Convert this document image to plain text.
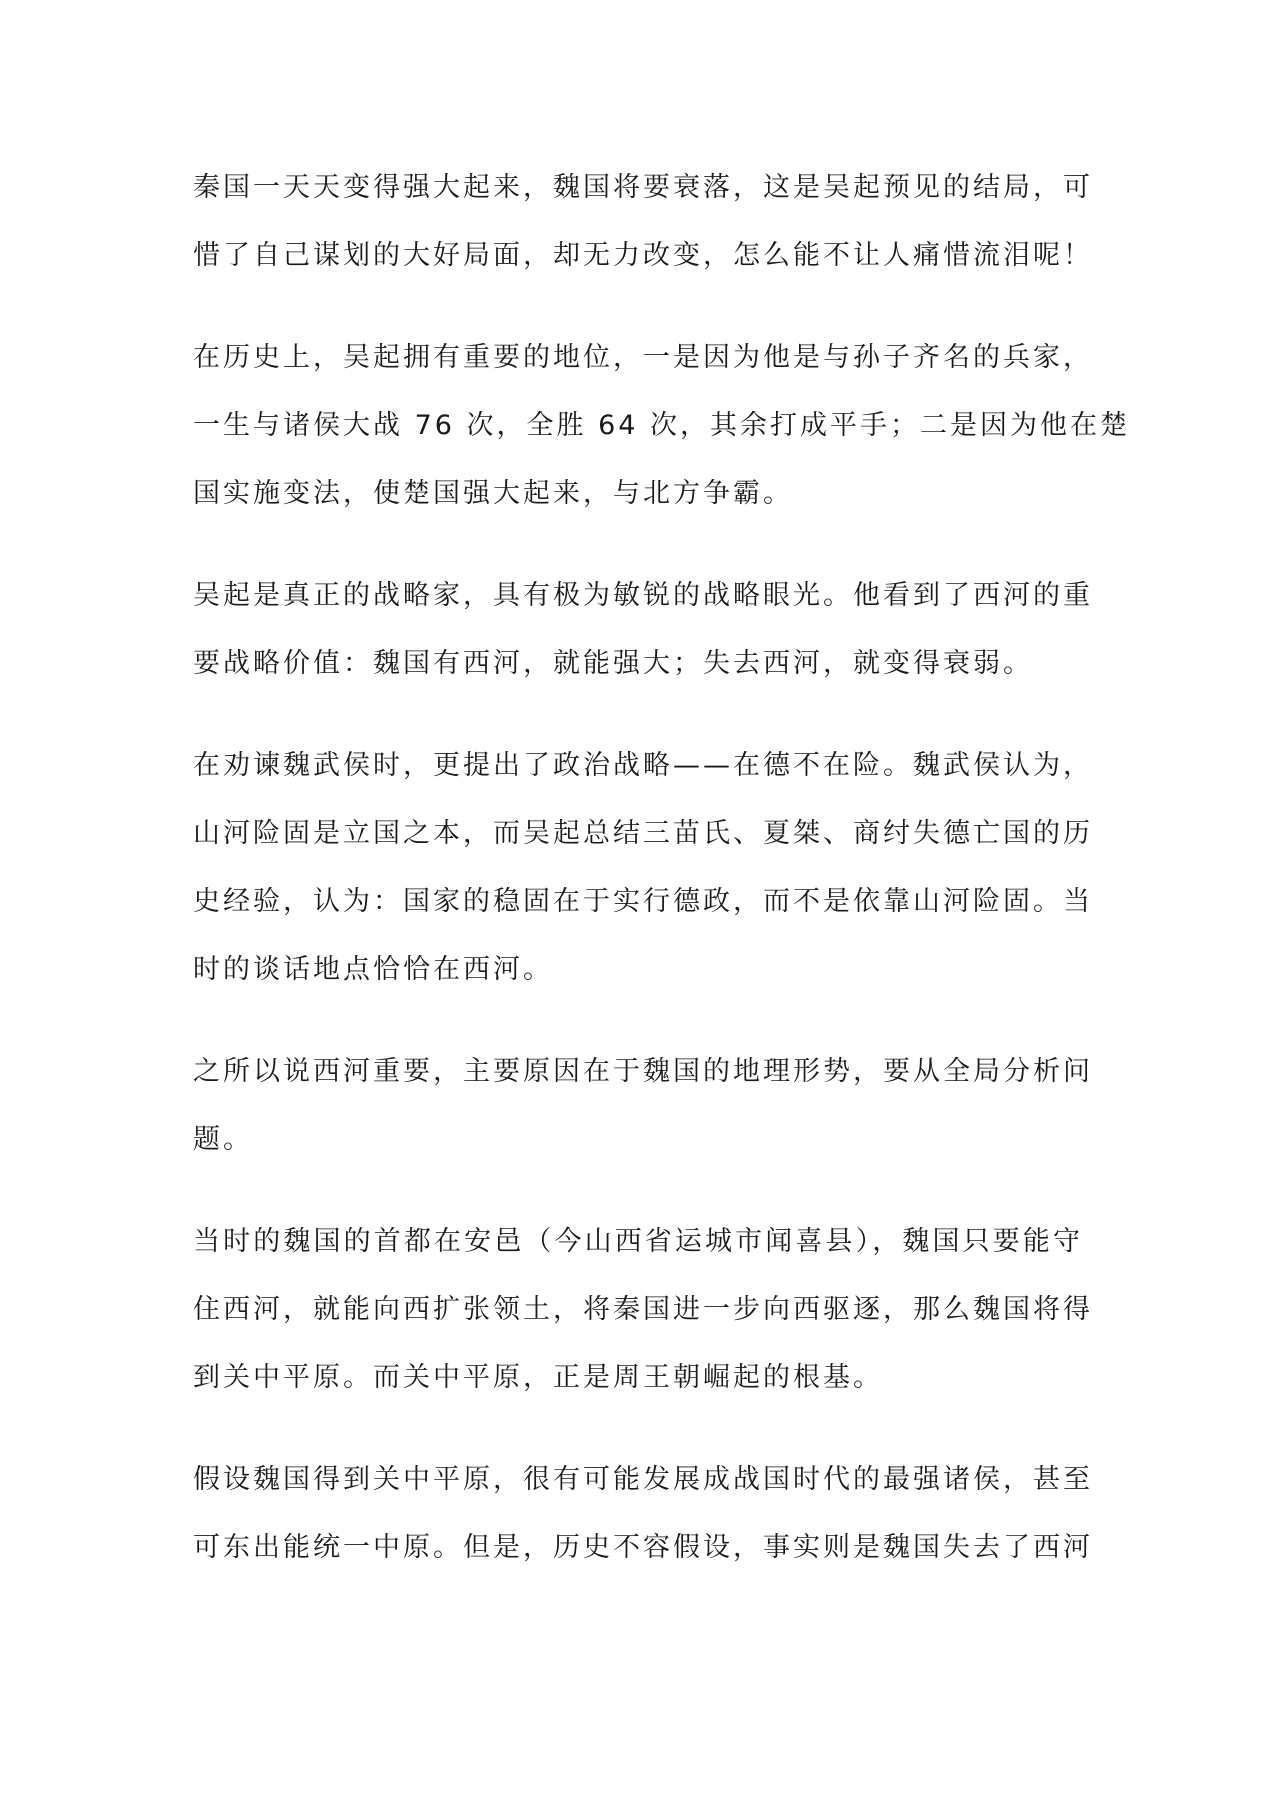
秦国一天天变得强大起来，魏国将要衰落，这是吴起预见的结局，可
惜了自己谋划的大好局面，却无力改变，怎么能不让人痛惜流泪呢！
在历史上，吴起拥有重要的地位，一是因为他是与孙子齐名的兵家，
一生与诸侯大战 76 次，全胜 64 次，其余打成平手；二是因为他在楚
国实施变法，使楚国强大起来，与北方争霸。
吴起是真正的战略家，具有极为敏锐的战略眼光。他看到了西河的重
要战略价值：魏国有西河，就能强大；失去西河，就变得衰弱。
在劝谏魏武侯时，更提出了政治战略——在德不在险。魏武侯认为，
山河险固是立国之本，而吴起总结三苗氏、夏桀、商纣失德亡国的历
史经验，认为：国家的稳固在于实行德政，而不是依靠山河险固。当
时的谈话地点恰恰在西河。
之所以说西河重要，主要原因在于魏国的地理形势，要从全局分析问
题。
当时的魏国的首都在安邑（今山西省运城市闻喜县），魏国只要能守
住西河，就能向西扩张领土，将秦国进一步向西驱逐，那么魏国将得
到关中平原。而关中平原，正是周王朝崛起的根基。
假设魏国得到关中平原，很有可能发展成战国时代的最强诸侯，甚至
可东出能统一中原。但是，历史不容假设，事实则是魏国失去了西河
